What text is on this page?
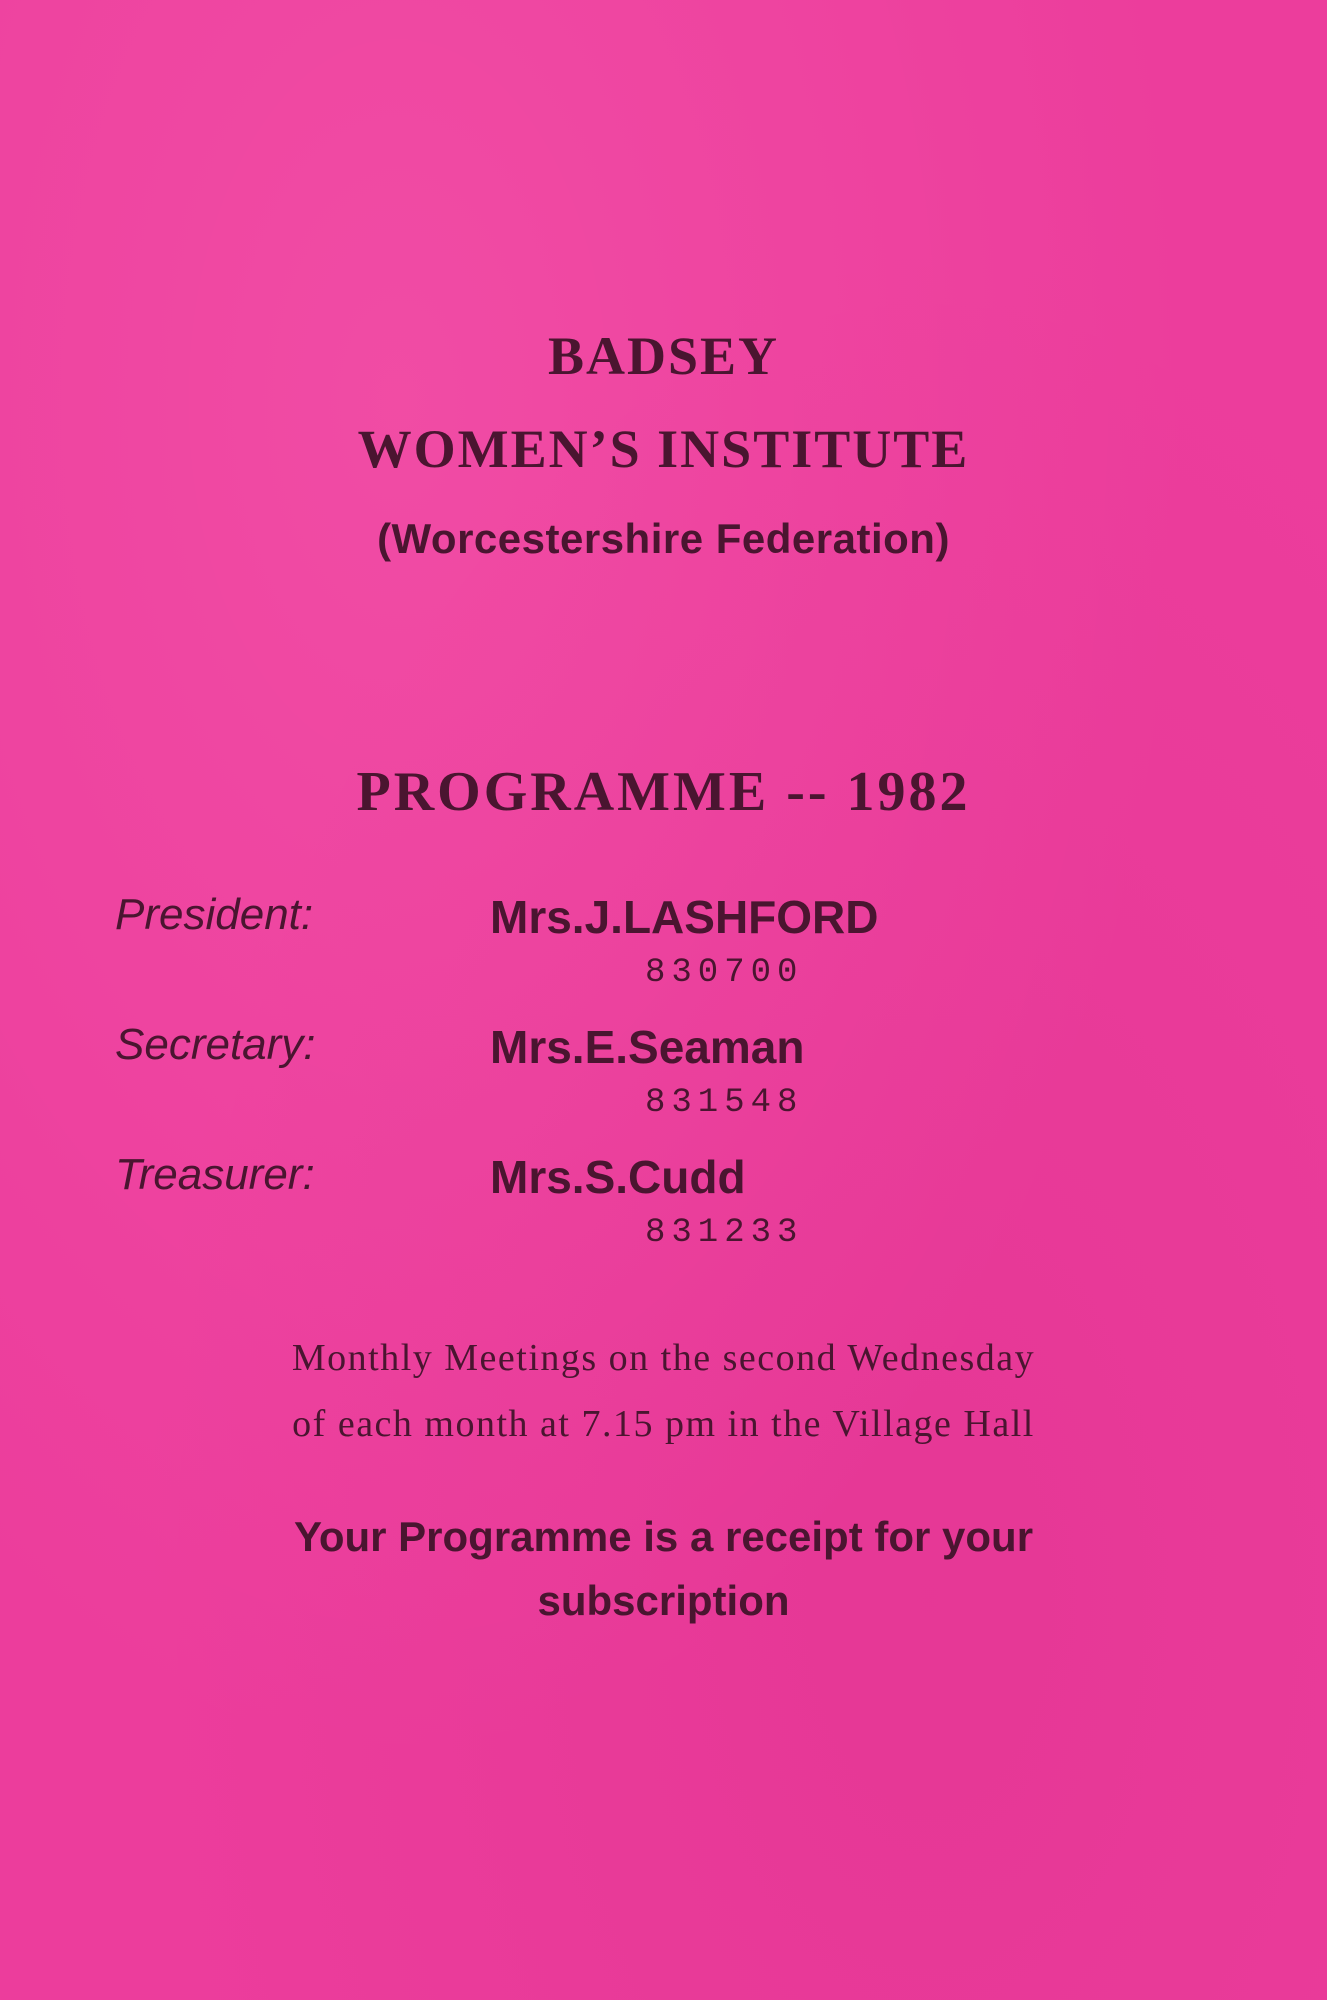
BADSEY
WOMEN’S INSTITUTE
(Worcestershire Federation)
PROGRAMME -- 1982
President:	Mrs.J.LASHFORD
830700
Secretary:	Mrs.E.Seaman
831548
Treasurer:	Mrs.S.Cudd
831233
Monthly Meetings on the second Wednesday
of each month at 7.15 pm in the Village Hall
Your Programme is a receipt for your
subscription
